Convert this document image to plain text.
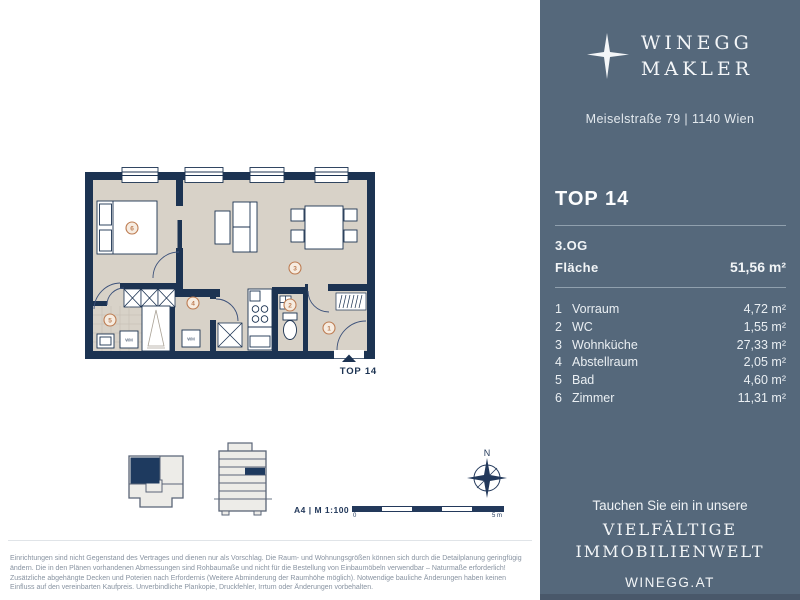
WM	WM
1
2
3
4
5
6
TOP 14
N
A4 | M 1:100
0	5 m

Einrichtungen sind nicht Gegenstand des Vertrages und dienen nur als Vorschlag. Die Raum- und Wohnungsgrößen können sich durch die Detailplanung geringfügig ändern. Die in den Plänen vorhandenen Abmessungen sind Rohbaumaße und nicht für die Bestellung von Einbaumöbeln verwendbar – Naturmaße erforderlich! Zusätzliche abgehängte Decken und Poterien nach Erfordernis (Weitere Abminderung der Raumhöhe möglich). Notwendige bauliche Änderungen haben keinen Einfluss auf den vereinbarten Kaufpreis. Unverbindliche Plankopie, Druckfehler, Irrtum oder Änderungen vorbehalten.

WINEGG
MAKLER
Meiselstraße 79 | 1140 Wien
TOP 14
3.OG
Fläche	51,56 m²
1 Vorraum	4,72 m²
2 WC	1,55 m²
3 Wohnküche	27,33 m²
4 Abstellraum	2,05 m²
5 Bad	4,60 m²
6 Zimmer	11,31 m²
Tauchen Sie ein in unsere
VIELFÄLTIGE
IMMOBILIENWELT
WINEGG.AT
